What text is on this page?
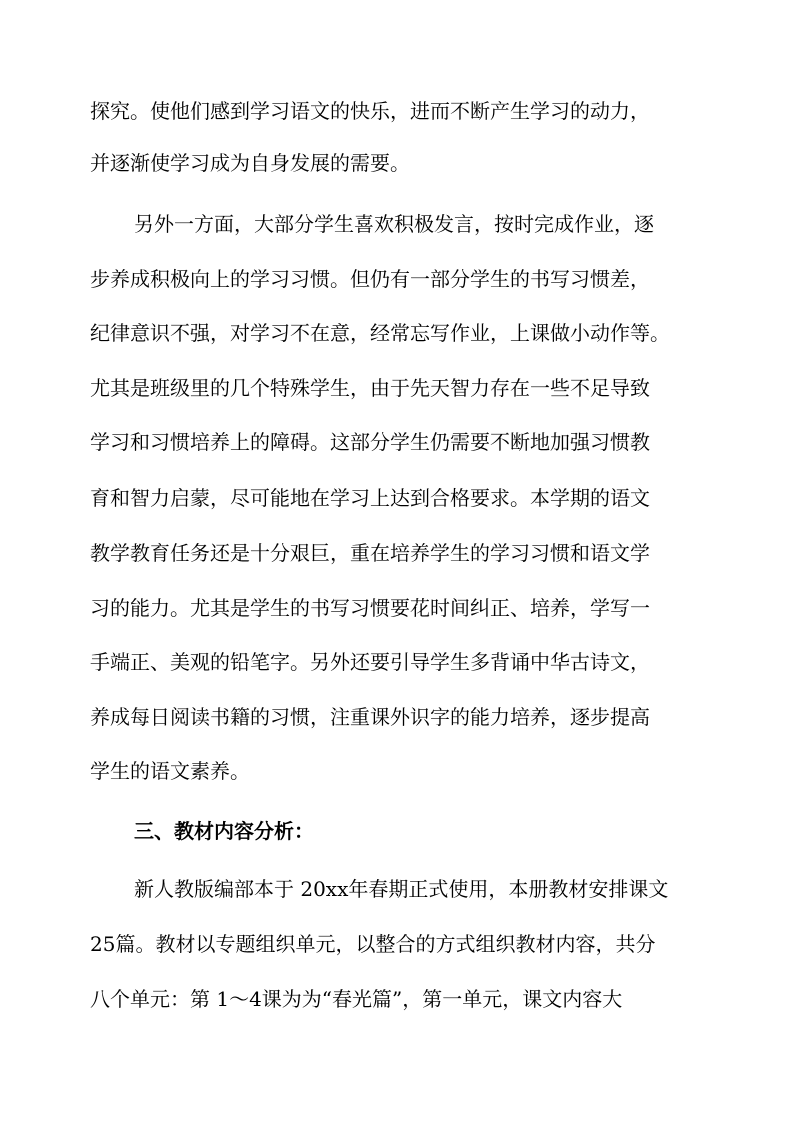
探究。使他们感到学习语文的快乐，进而不断产生学习的动力，
并逐渐使学习成为自身发展的需要。
另外一方面，大部分学生喜欢积极发言，按时完成作业，逐
步养成积极向上的学习习惯。但仍有一部分学生的书写习惯差，
纪律意识不强，对学习不在意，经常忘写作业，上课做小动作等。
尤其是班级里的几个特殊学生，由于先天智力存在一些不足导致
学习和习惯培养上的障碍。这部分学生仍需要不断地加强习惯教
育和智力启蒙，尽可能地在学习上达到合格要求。本学期的语文
教学教育任务还是十分艰巨，重在培养学生的学习习惯和语文学
习的能力。尤其是学生的书写习惯要花时间纠正、培养，学写一
手端正、美观的铅笔字。另外还要引导学生多背诵中华古诗文，
养成每日阅读书籍的习惯，注重课外识字的能力培养，逐步提高
学生的语文素养。
三、教材内容分析：
新人教版编部本于 20xx年春期正式使用，本册教材安排课文
25篇。教材以专题组织单元，以整合的方式组织教材内容，共分
八个单元：第 1～4课为为“春光篇”，第一单元，课文内容大
